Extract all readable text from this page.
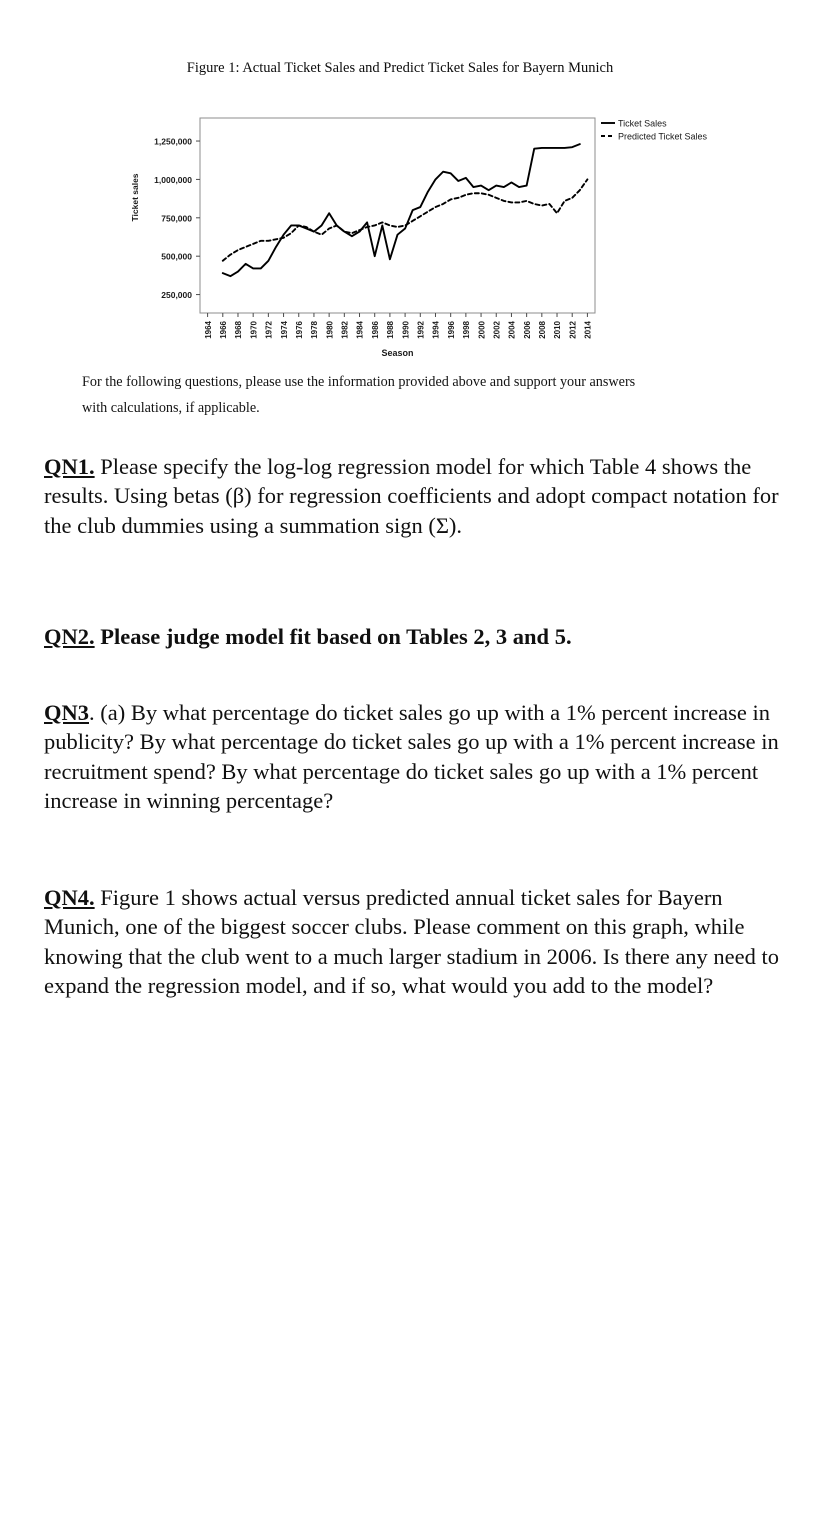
Figure 1: Actual Ticket Sales and Predict Ticket Sales for Bayern Munich
250,000
500,000
750,000
1,000,000
1,250,000
Ticket sales
1964 1966 1968 1970 1972 1974 1976 1978 1980 1982 1984 1986 1988 1990 1992 1994 1996 1998 2000 2002 2004 2006 2008 2010 2012 2014
Season
Ticket Sales
Predicted Ticket Sales
For the following questions, please use the information provided above and support your answers with calculations, if applicable.
QN1. Please specify the log-log regression model for which Table 4 shows the results. Using betas (β) for regression coefficients and adopt compact notation for the club dummies using a summation sign (Σ).
QN2. Please judge model fit based on Tables 2, 3 and 5.
QN3. (a) By what percentage do ticket sales go up with a 1% percent increase in publicity? By what percentage do ticket sales go up with a 1% percent increase in recruitment spend? By what percentage do ticket sales go up with a 1% percent increase in winning percentage?
QN4. Figure 1 shows actual versus predicted annual ticket sales for Bayern Munich, one of the biggest soccer clubs. Please comment on this graph, while knowing that the club went to a much larger stadium in 2006. Is there any need to expand the regression model, and if so, what would you add to the model?
